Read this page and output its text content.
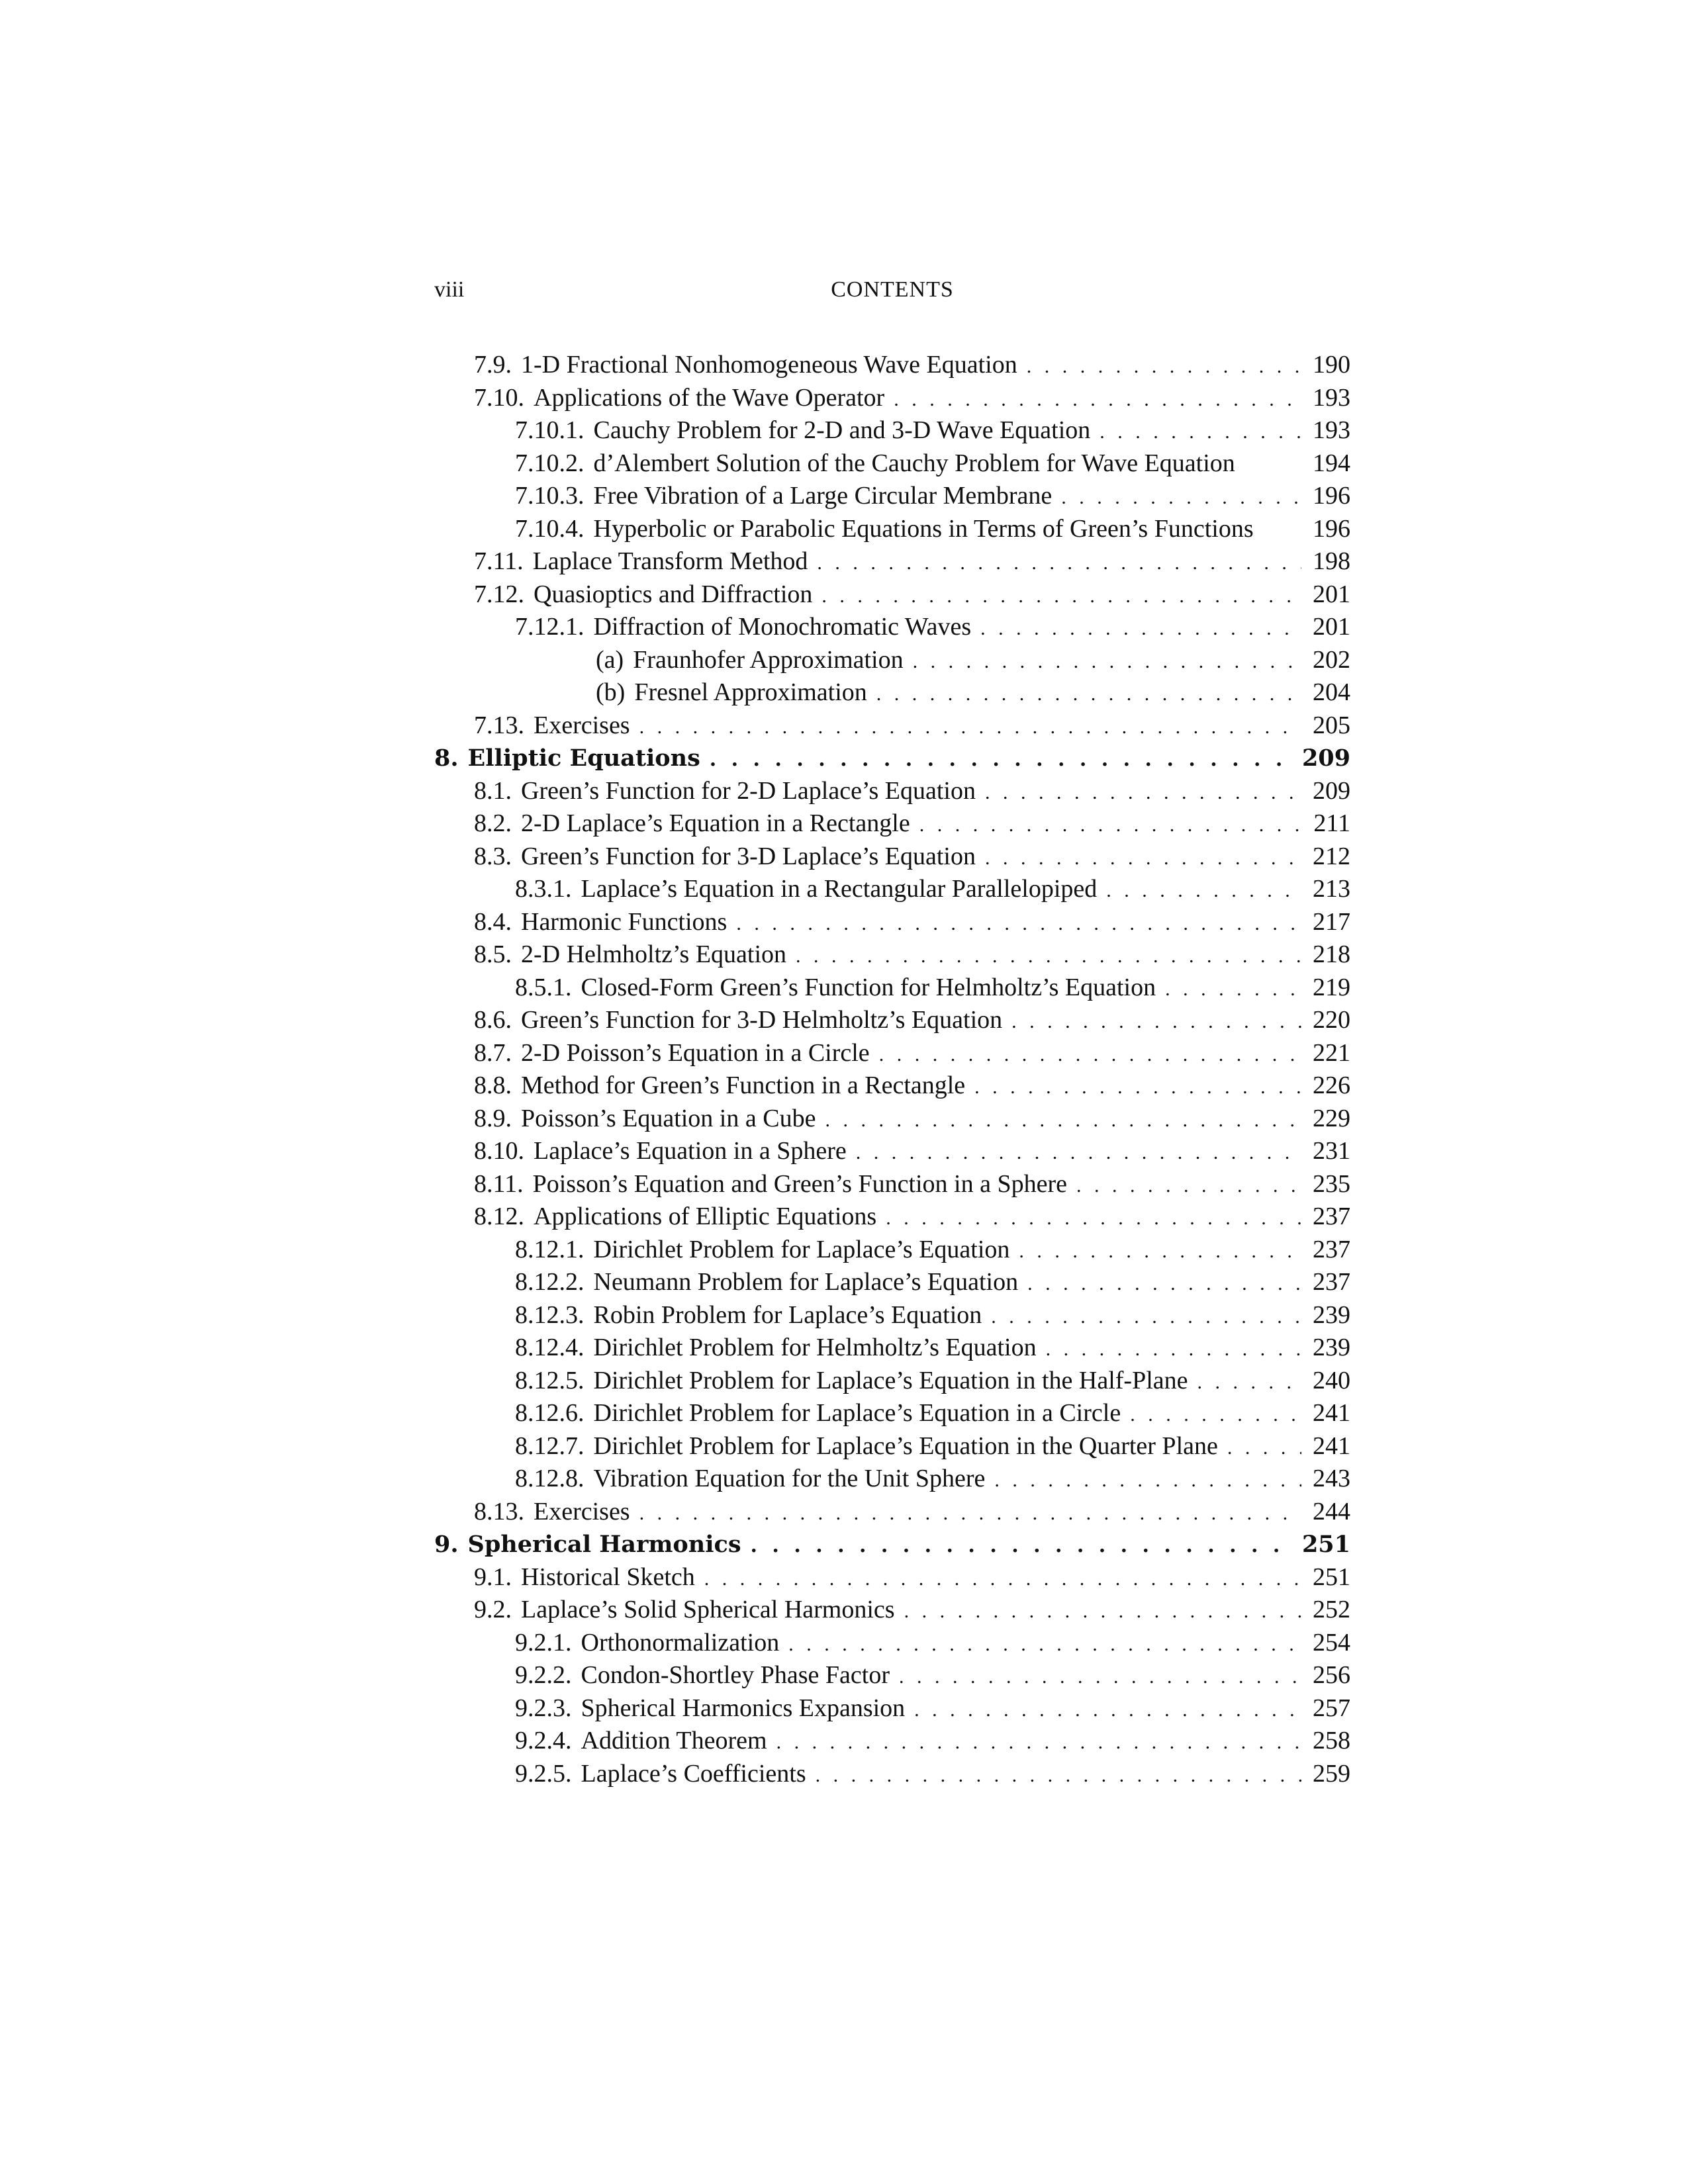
viii	CONTENTS
7.9. 1-D Fractional Nonhomogeneous Wave Equation . . .	190
7.10. Applications of the Wave Operator . . .	193
7.10.1. Cauchy Problem for 2-D and 3-D Wave Equation . . .	193
7.10.2. d’Alembert Solution of the Cauchy Problem for Wave Equation	194
7.10.3. Free Vibration of a Large Circular Membrane . . .	196
7.10.4. Hyperbolic or Parabolic Equations in Terms of Green’s Functions 196
7.11. Laplace Transform Method . . .	198
7.12. Quasioptics and Diffraction . . .	201
7.12.1. Diffraction of Monochromatic Waves . . .	201
(a) Fraunhofer Approximation . . .	202
(b) Fresnel Approximation . . .	204
7.13. Exercises . . .	205
8. Elliptic Equations . . .	209
8.1. Green’s Function for 2-D Laplace’s Equation . . .	209
8.2. 2-D Laplace’s Equation in a Rectangle . . .	211
8.3. Green’s Function for 3-D Laplace’s Equation . . .	212
8.3.1. Laplace’s Equation in a Rectangular Parallelopiped . . .	213
8.4. Harmonic Functions . . .	217
8.5. 2-D Helmholtz’s Equation . . .	218
8.5.1. Closed-Form Green’s Function for Helmholtz’s Equation . . .	219
8.6. Green’s Function for 3-D Helmholtz’s Equation . . .	220
8.7. 2-D Poisson’s Equation in a Circle . . .	221
8.8. Method for Green’s Function in a Rectangle . . .	226
8.9. Poisson’s Equation in a Cube . . .	229
8.10. Laplace’s Equation in a Sphere . . .	231
8.11. Poisson’s Equation and Green’s Function in a Sphere . . .	235
8.12. Applications of Elliptic Equations . . .	237
8.12.1. Dirichlet Problem for Laplace’s Equation . . .	237
8.12.2. Neumann Problem for Laplace’s Equation . . .	237
8.12.3. Robin Problem for Laplace’s Equation . . .	239
8.12.4. Dirichlet Problem for Helmholtz’s Equation . . .	239
8.12.5. Dirichlet Problem for Laplace’s Equation in the Half-Plane . . .	240
8.12.6. Dirichlet Problem for Laplace’s Equation in a Circle . . .	241
8.12.7. Dirichlet Problem for Laplace’s Equation in the Quarter Plane . . .	241
8.12.8. Vibration Equation for the Unit Sphere . . .	243
8.13. Exercises . . .	244
9. Spherical Harmonics . . .	251
9.1. Historical Sketch . . .	251
9.2. Laplace’s Solid Spherical Harmonics . . .	252
9.2.1. Orthonormalization . . .	254
9.2.2. Condon-Shortley Phase Factor . . .	256
9.2.3. Spherical Harmonics Expansion . . .	257
9.2.4. Addition Theorem . . .	258
9.2.5. Laplace’s Coefficients . . .	259
